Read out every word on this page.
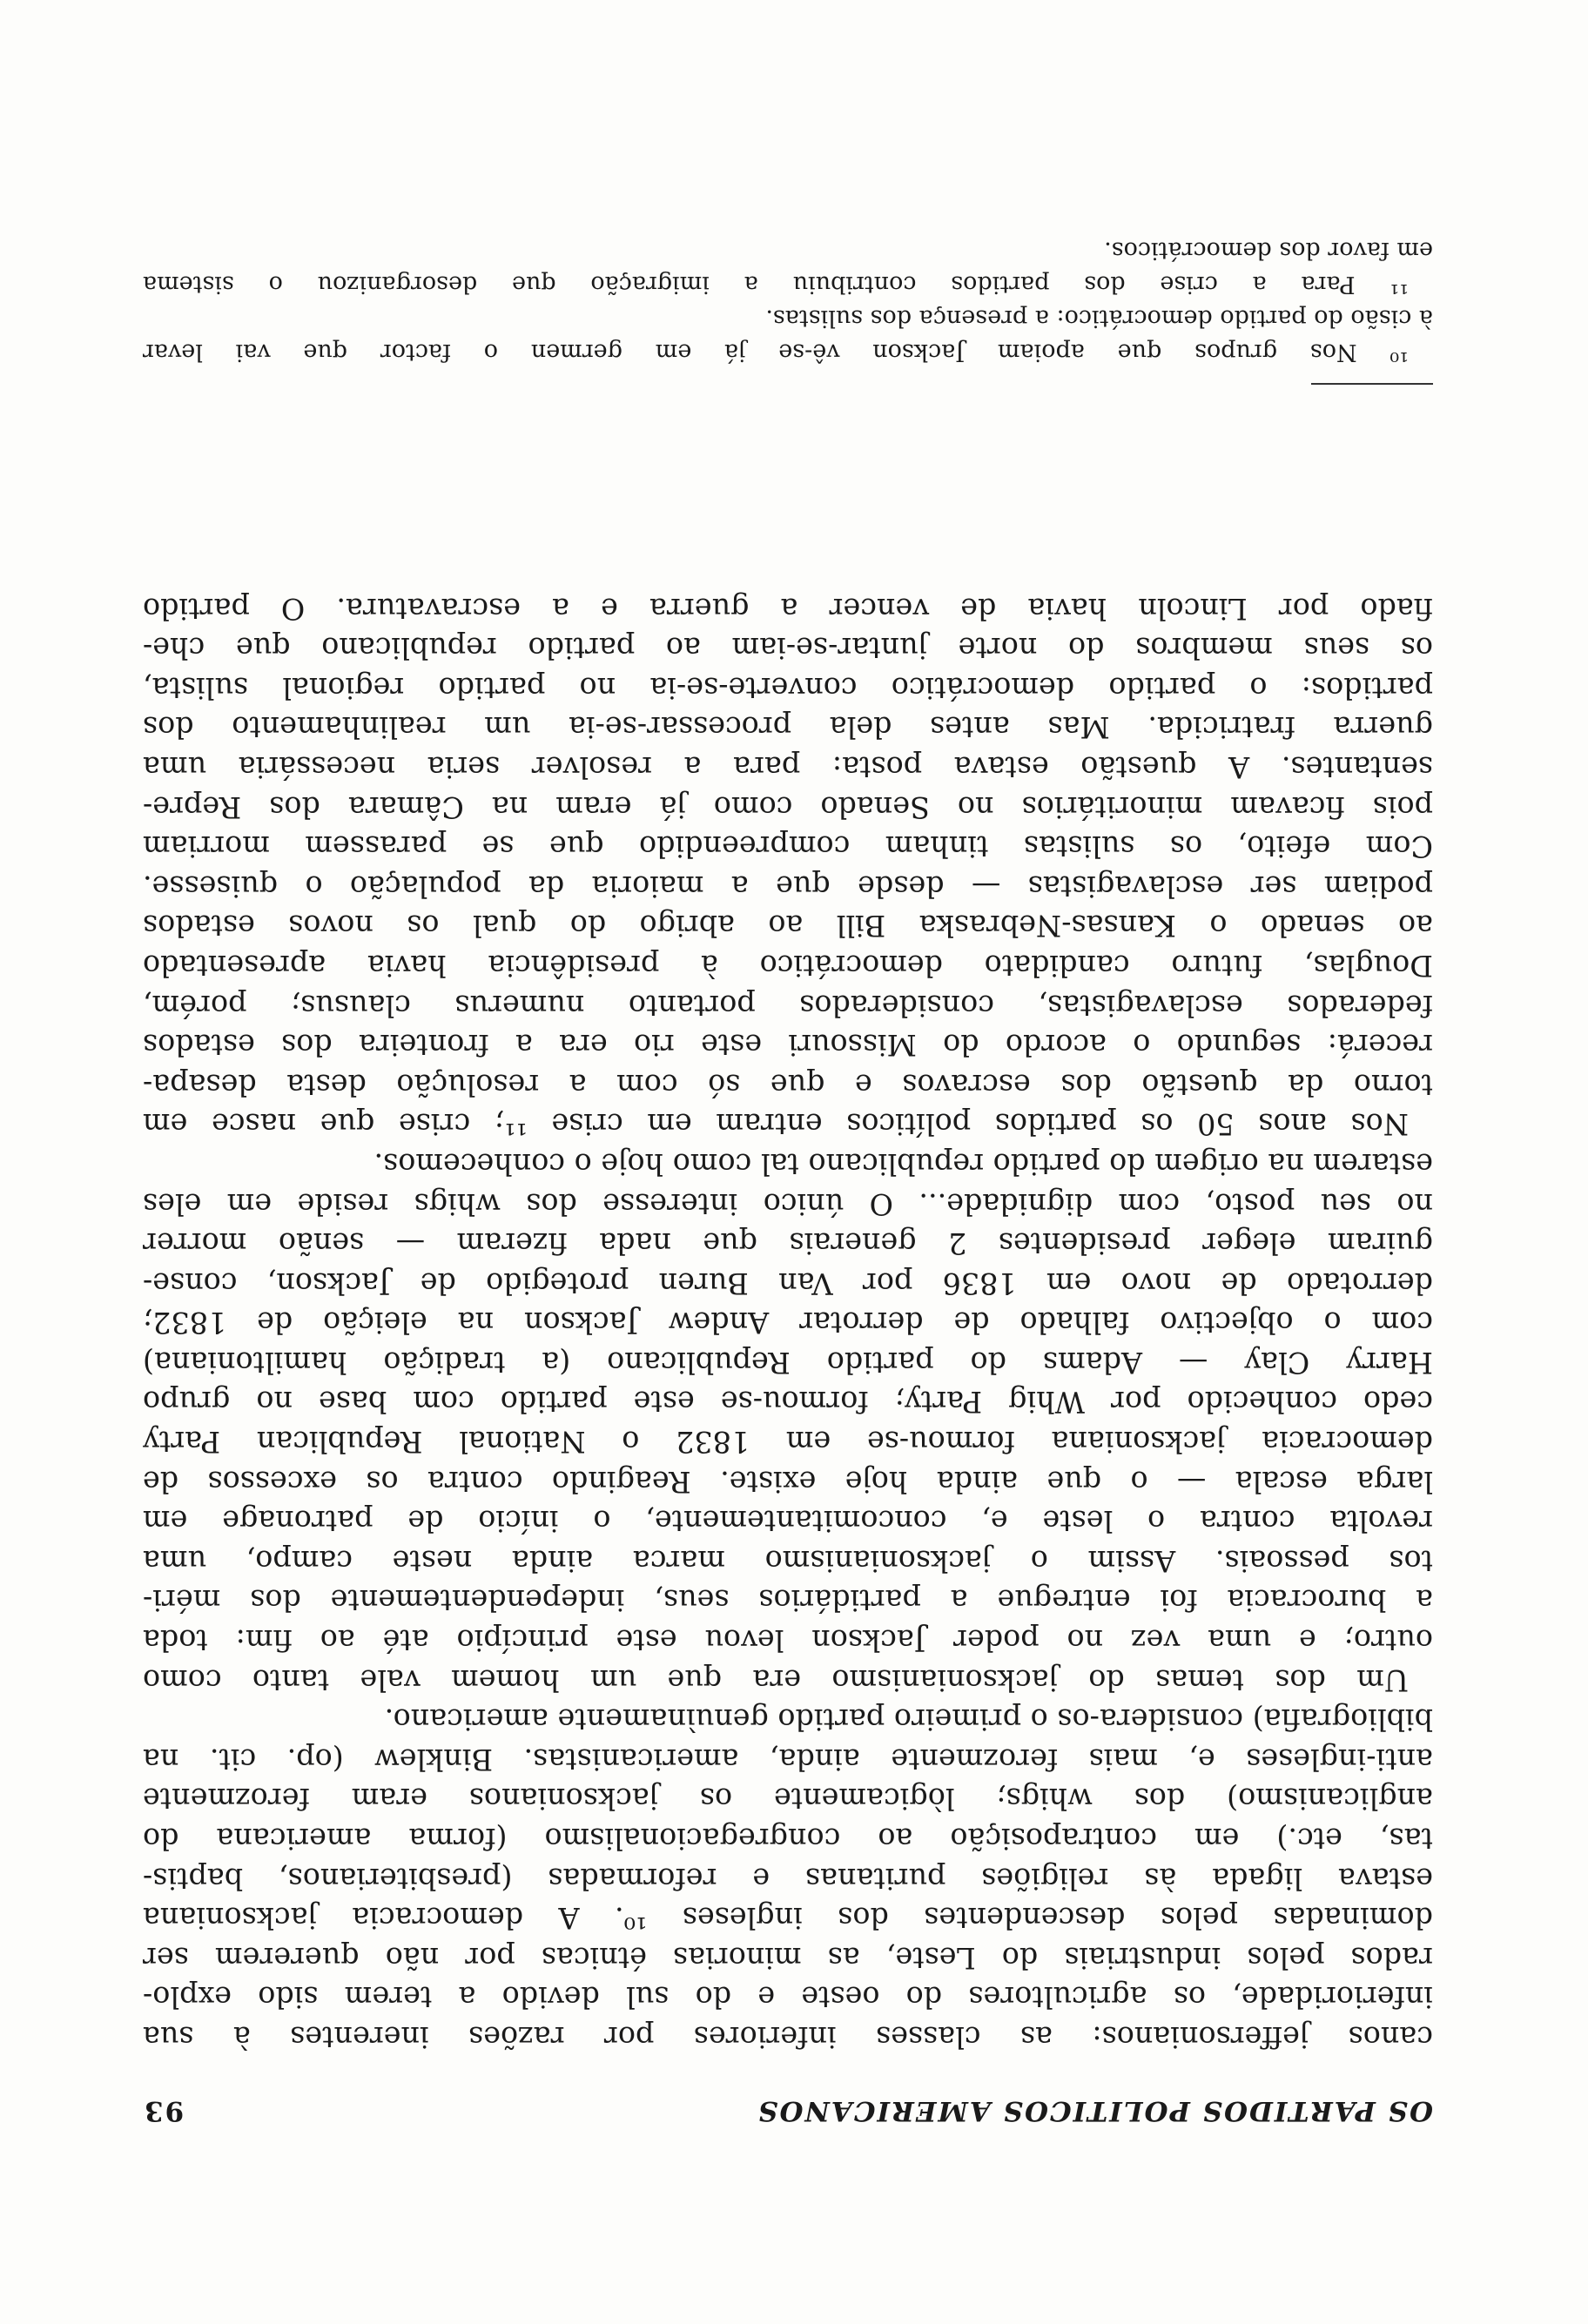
OS PARTIDOS POLITICOS AMERICANOS
93
canos jeffersonianos: as classes inferiores por razões inerentes à sua
inferioridade, os agricultores do oeste e do sul devido a terem sido explo-
rados pelos industriais do Leste, as minorias étnicas por não quererem ser
dominadas pelos descendentes dos ingleses ¹⁰. A democracia jacksoniana
estava ligada às religiões puritanas e reformadas (presbiterianos, baptis-
tas, etc.) em contraposição ao congregacionalismo (forma americana do
anglicanismo) dos whigs; lògicamente os jacksonianos eram ferozmente
anti-ingleses e, mais ferozmente ainda, americanistas. Binklew (op. cit. na
bibliografia) considera-os o primeiro partido genuìnamente americano.
Um dos temas do jacksonianismo era que um homem vale tanto como
outro; e uma vez no poder Jackson levou este princípio até ao fim: toda
a burocracia foi entregue a partidários seus, independentemente dos méri-
tos pessoais. Assim o jacksonianismo marca ainda neste campo, uma
revolta contra o leste e, concomitantemente, o início de patronage em
larga escala — o que ainda hoje existe. Reagindo contra os excessos de
democracia jacksoniana formou-se em 1832 o National Republican Party
cedo conhecido por Whig Party; formou-se este partido com base no grupo
Harry Clay — Adams do partido Republicano (a tradição hamiltoniana)
com o objectivo falhado de derrotar Andew Jackson na eleição de 1832;
derrotado de novo em 1836 por Van Buren protegido de Jackson, conse-
guiram eleger presidentes 2 generais que nada fizeram — senão morrer
no seu posto, com dignidade... O único interesse dos whigs reside em eles
estarem na origem do partido republicano tal como hoje o conhecemos.
Nos anos 50 os partidos políticos entram em crise ¹¹; crise que nasce em
torno da questão dos escravos e que só com a resolução desta desapa-
recerá: segundo o acordo do Missouri este rio era a fronteira dos estados
federados esclavagistas, considerados portanto numerus clausus; porém,
Douglas, futuro candidato democrático à presidência havia apresentado
ao senado o Kansas-Nebraska Bill ao abrigo do qual os novos estados
podiam ser esclavagistas — desde que a maioria da população o quisesse.
Com efeito, os sulistas tinham compreendido que se parassem morriam
pois ficavam minoritários no Senado como já eram na Câmara dos Repre-
sentantes. A questão estava posta: para a resolver seria necessária uma
guerra fratricida. Mas antes dela processar-se-ia um realinhamento dos
partidos: o partido democrático converte-se-ia no partido regional sulista,
os seus membros do norte juntar-se-iam ao partido republicano que che-
fiado por Lincoln havia de vencer a guerra e a escravatura. O partido
¹⁰ Nos grupos que apoiam Jackson vê-se já em germen o factor que vai levar
à cisão do partido democrático: a presença dos sulistas.
¹¹ Para a crise dos partidos contribuiu a imigração que desorganizou o sistema
em favor dos democráticos.
